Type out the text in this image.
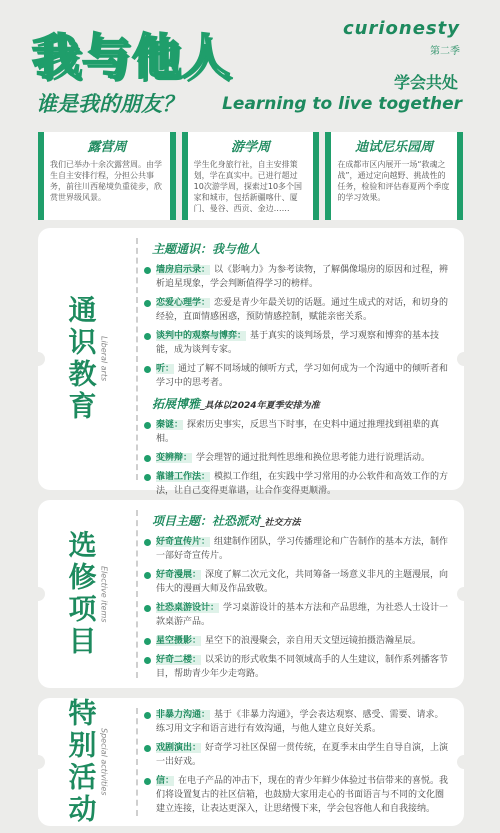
我与他人
谁是我的朋友？
curionesty
第二季
学会共处
Learning to live together
露营周
我们已举办十余次露营周。由学生自主安排行程，分担公共事务，前往川西秘境负重徒步，欣赏世界级风景。
游学周
学生化身旅行社，自主安排策划，学在真实中。已进行超过10次游学周，探索过10多个国家和城市，包括新疆喀什、厦门、曼谷、西贡、金边……
迪试尼乐园周
在成都市区内展开一场“救魂之战”，通过定向越野、挑战性的任务，检验和评估春夏两个季度的学习效果。
通识教育 Liberal arts
主题通识：我与他人
墙房启示录： 以《影响力》为参考读物，了解偶像塌房的原因和过程，辨析追星现象，学会判断值得学习的榜样。
恋爱心理学： 恋爱是青少年最关切的话题。通过生成式的对话，和切身的经验，直面情感困惑，预防情感控制，赋能亲密关系。
谈判中的观察与博弈： 基于真实的谈判场景，学习观察和博弈的基本技能，成为谈判专家。
听： 通过了解不同场域的倾听方式，学习如何成为一个沟通中的倾听者和学习中的思考者。
拓展博雅_具体以2024年夏季安排为准
秦谜： 探索历史事实，反思当下时事，在史料中通过推理找到祖辈的真相。
变辨辩： 学会理智的通过批判性思维和换位思考能力进行说理活动。
靠谱工作法： 模拟工作组，在实践中学习常用的办公软件和高效工作的方法，让自己变得更靠谱，让合作变得更顺滑。
选修项目 Elective items
项目主题：社恐派对_社交方法
好奇宣传片： 组建制作团队，学习传播理论和广告制作的基本方法，制作一部好奇宣传片。
好奇漫展： 深度了解二次元文化，共同筹备一场意义非凡的主题漫展，向伟大的漫画大师及作品致敬。
社恐桌游设计： 学习桌游设计的基本方法和产品思维，为社恐人士设计一款桌游产品。
星空摄影： 星空下的浪漫聚会，亲自用天文望远镜拍摄浩瀚星辰。
好奇二楼： 以采访的形式收集不同领域高手的人生建议，制作系列播客节目，帮助青少年少走弯路。
特别活动 Special activities
非暴力沟通： 基于《非暴力沟通》，学会表达观察、感受、需要、请求。练习用文字和语言进行有效沟通，与他人建立良好关系。
戏剧演出： 好奇学习社区保留一贯传统，在夏季末由学生自导自演，上演一出好戏。
信： 在电子产品的冲击下，现在的青少年鲜少体验过书信带来的喜悦。我们将设置复古的社区信箱，也鼓励大家用走心的书面语言与不同的文化圈建立连接，让表达更深入，让思绪慢下来，学会包容他人和自我接纳。
